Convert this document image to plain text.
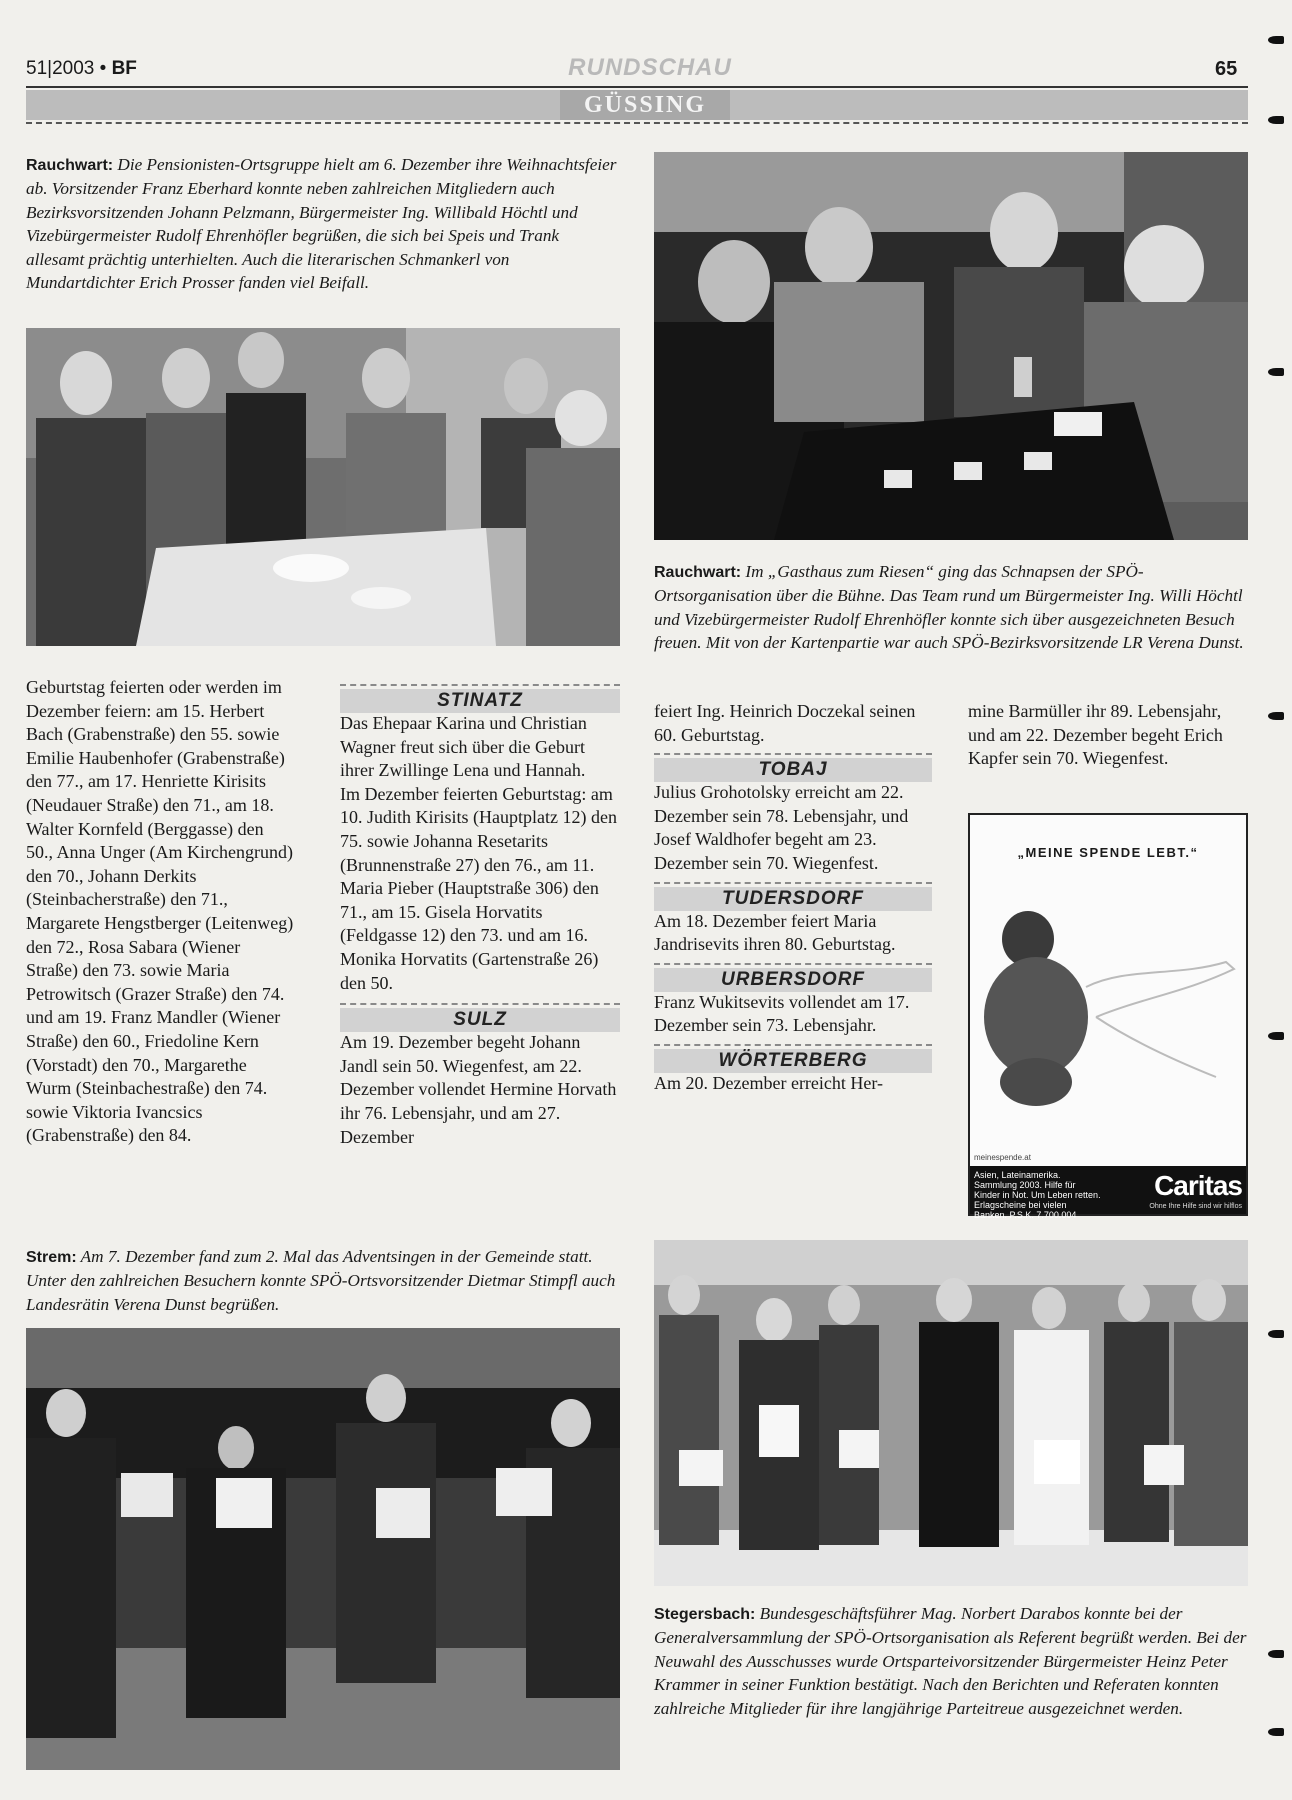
51|2003 • BF	RUNDSCHAU	65
GÜSSING
Rauchwart: Die Pensionisten-Ortsgruppe hielt am 6. Dezember ihre Weihnachtsfeier ab. Vorsitzender Franz Eberhard konnte neben zahlreichen Mitgliedern auch Bezirksvorsitzenden Johann Pelzmann, Bürgermeister Ing. Willibald Höchtl und Vizebürgermeister Rudolf Ehrenhöfler begrüßen, die sich bei Speis und Trank allesamt prächtig unterhielten. Auch die literarischen Schmankerl von Mundartdichter Erich Prosser fanden viel Beifall.
Rauchwart: Im „Gasthaus zum Riesen“ ging das Schnapsen der SPÖ-Ortsorganisation über die Bühne. Das Team rund um Bürgermeister Ing. Willi Höchtl und Vizebürgermeister Rudolf Ehrenhöfler konnte sich über ausgezeichneten Besuch freuen. Mit von der Kartenpartie war auch SPÖ-Bezirksvorsitzende LR Verena Dunst.

Geburtstag feierten oder werden im Dezember feiern: am 15. Herbert Bach (Grabenstraße) den 55. sowie Emilie Haubenhofer (Grabenstraße) den 77., am 17. Henriette Kirisits (Neudauer Straße) den 71., am 18. Walter Kornfeld (Berggasse) den 50., Anna Unger (Am Kirchengrund) den 70., Johann Derkits (Steinbacherstraße) den 71., Margarete Hengstberger (Leitenweg) den 72., Rosa Sabara (Wiener Straße) den 73. sowie Maria Petrowitsch (Grazer Straße) den 74. und am 19. Franz Mandler (Wiener Straße) den 60., Friedoline Kern (Vorstadt) den 70., Margarethe Wurm (Steinbachestraße) den 74. sowie Viktoria Ivancsics (Grabenstraße) den 84.

STINATZ

Das Ehepaar Karina und Christian Wagner freut sich über die Geburt ihrer Zwillinge Lena und Hannah.

Im Dezember feierten Geburtstag: am 10. Judith Kirisits (Hauptplatz 12) den 75. sowie Johanna Resetarits (Brunnenstraße 27) den 76., am 11. Maria Pieber (Hauptstraße 306) den 71., am 15. Gisela Horvatits (Feldgasse 12) den 73. und am 16. Monika Horvatits (Gartenstraße 26) den 50.

SULZ

Am 19. Dezember begeht Johann Jandl sein 50. Wiegenfest, am 22. Dezember vollendet Hermine Horvath ihr 76. Lebensjahr, und am 27. Dezember

feiert Ing. Heinrich Doczekal seinen 60. Geburtstag.

TOBAJ

Julius Grohotolsky erreicht am 22. Dezember sein 78. Lebensjahr, und Josef Waldhofer begeht am 23. Dezember sein 70. Wiegenfest.

TUDERSDORF

Am 18. Dezember feiert Maria Jandrisevits ihren 80. Geburtstag.

URBERSDORF

Franz Wukitsevits vollendet am 17. Dezember sein 73. Lebensjahr.

WÖRTERBERG

Am 20. Dezember erreicht Her-

mine Barmüller ihr 89. Lebensjahr, und am 22. Dezember begeht Erich Kapfer sein 70. Wiegenfest.

„MEINE SPENDE LEBT.“
meinespende.at
Asien, Lateinamerika. Sammlung 2003. Hilfe für Kinder in Not. Um Leben retten. Erlagscheine bei vielen Banken. P.S.K. 7.700.004
Caritas
Ohne Ihre Hilfe sind wir hilflos
Strem: Am 7. Dezember fand zum 2. Mal das Adventsingen in der Gemeinde statt. Unter den zahlreichen Besuchern konnte SPÖ-Ortsvorsitzender Dietmar Stimpfl auch Landesrätin Verena Dunst begrüßen.
Stegersbach: Bundesgeschäftsführer Mag. Norbert Darabos konnte bei der Generalversammlung der SPÖ-Ortsorganisation als Referent begrüßt werden. Bei der Neuwahl des Ausschusses wurde Ortsparteivorsitzender Bürgermeister Heinz Peter Krammer in seiner Funktion bestätigt. Nach den Berichten und Referaten konnten zahlreiche Mitglieder für ihre langjährige Parteitreue ausgezeichnet werden.
